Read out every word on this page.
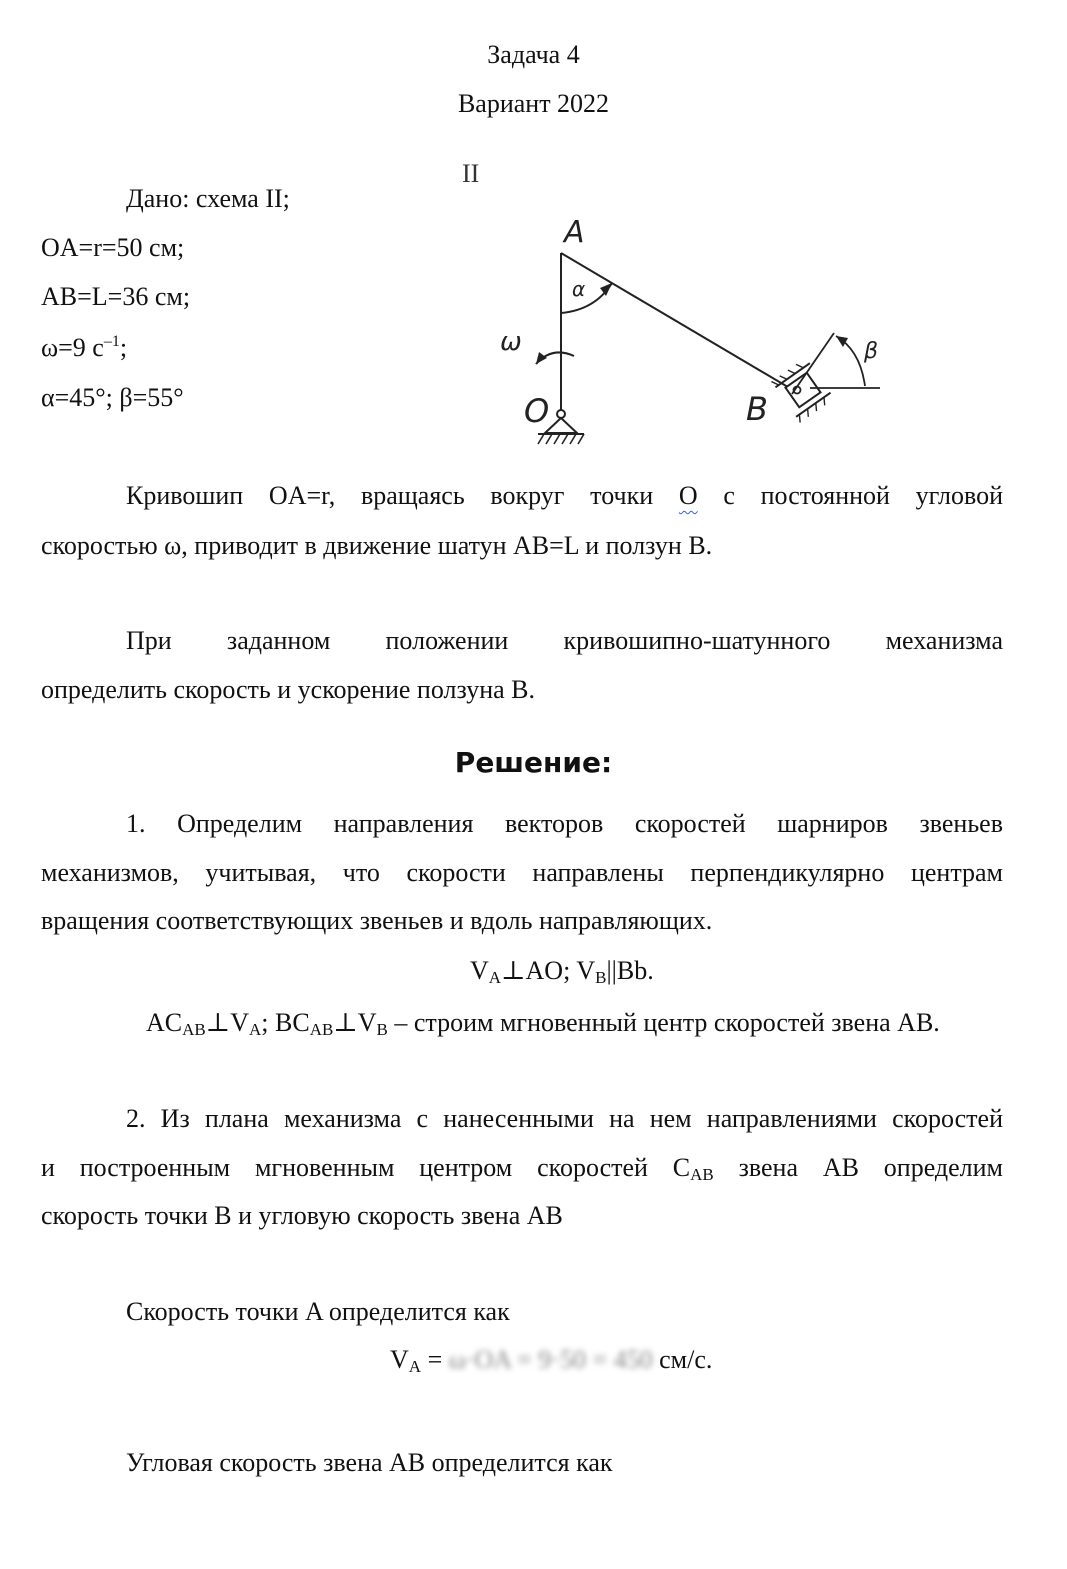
Задача 4
Вариант 2022
Дано: схема II;
OA=r=50 см;
AB=L=36 см;
ω=9 $с^{-1}$;
α=45°; β=55°
II
α
A
ω
O	B
β
Кривошип OA=r, вращаясь вокруг точки O с постоянной угловой
скоростью ω, приводит в движение шатун AB=L и ползун B.
При заданном положении кривошипно-шатунного механизма
определить скорость и ускорение ползуна B.
Решение:
1. Определим направления векторов скоростей шарниров звеньев
механизмов, учитывая, что скорости направлены перпендикулярно центрам
вращения соответствующих звеньев и вдоль направляющих.
$V_A\perp AO$; $V_B||Bb$.
$AC_{AB}\perp V_A$; $BC_{AB}\perp V_B$ – строим мгновенный центр скоростей звена AB.
2. Из плана механизма с нанесенными на нем направлениями скоростей
и построенным мгновенным центром скоростей $C_{AB}$ звена AB определим
скорость точки B и угловую скорость звена AB
Скорость точки A определится как
$V_A = \omega\cdot OA = 9\cdot 50 = 450$ см/с.
Угловая скорость звена AB определится как
